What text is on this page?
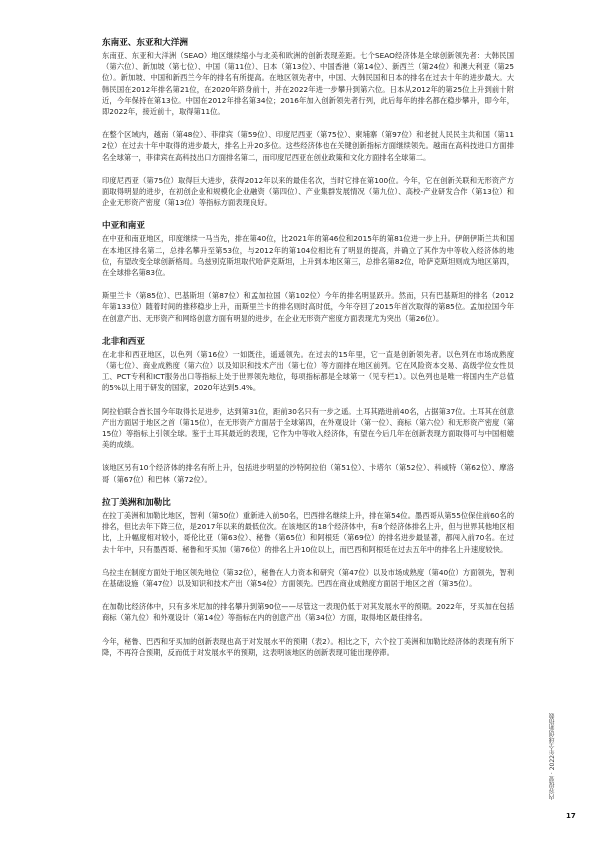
东南亚、东亚和大洋洲

东南亚、东亚和大洋洲（SEAO）地区继续缩小与北美和欧洲的创新表现差距。七个SEAO经济体是全球创新领先者：大韩民国（第六位）、新加坡（第七位）、中国（第11位）、日本（第13位）、中国香港（第14位）、新西兰（第24位）和澳大利亚（第25位）。新加坡、中国和新西兰今年的排名有所提高。在地区领先者中，中国、大韩民国和日本的排名在过去十年的进步最大。大韩民国在2012年排名第21位，在2020年跻身前十，并在2022年进一步攀升到第六位。日本从2012年的第25位上升到前十附近，今年保持在第13位。中国在2012年排名第34位；2016年加入创新领先者行列，此后每年的排名都在稳步攀升，即今年，即2022年，接近前十，取得第11位。

在整个区域内，越南（第48位）、菲律宾（第59位）、印度尼西亚（第75位）、柬埔寨（第97位）和老挝人民民主共和国（第112位）在过去十年中取得的进步最大，排名上升20多位。这些经济体也在关键创新指标方面继续领先。越南在高科技进口方面排名全球第一，菲律宾在高科技出口方面排名第二，而印度尼西亚在创业政策和文化方面排名全球第二。

印度尼西亚（第75位）取得巨大进步，获得2012年以来的最佳名次，当时它排在第100位。今年，它在创新关联和无形资产方面取得明显的进步，在初创企业和规模化企业融资（第四位）、产业集群发展情况（第九位）、高校-产业研发合作（第13位）和企业无形资产密度（第13位）等指标方面表现良好。

中亚和南亚

在中亚和南亚地区，印度继续一马当先，排在第40位，比2021年的第46位和2015年的第81位进一步上升。伊朗伊斯兰共和国在本地区排名第二，总排名攀升至第53位，与2012年的第104位相比有了明显的提高，并确立了其作为中等收入经济体的地位，有望改变全球创新格局。乌兹别克斯坦取代哈萨克斯坦，上升到本地区第三，总排名第82位，哈萨克斯坦则成为地区第四，在全球排名第83位。

斯里兰卡（第85位）、巴基斯坦（第87位）和孟加拉国（第102位）今年的排名明显跃升。然而，只有巴基斯坦的排名（2012年第133位）随着时间的推移稳步上升，而斯里兰卡的排名则时高时低，今年夺回了2015年首次取得的第85位。孟加拉国今年在创意产出、无形资产和网络创意方面有明显的进步，在企业无形资产密度方面表现尤为突出（第26位）。

北非和西亚

在北非和西亚地区，以色列（第16位）一如既往，遥遥领先。在过去的15年里，它一直是创新领先者。以色列在市场成熟度（第七位）、商业成熟度（第六位）以及知识和技术产出（第七位）等方面排在地区前列。它在风险资本交易、高级学位女性员工、PCT专利和ICT服务出口等指标上处于世界领先地位，每项指标都是全球第一（见专栏1）。以色列也是唯一将国内生产总值的5%以上用于研发的国家，2020年达到5.4%。

阿拉伯联合酋长国今年取得长足进步，达到第31位，距前30名只有一步之遥。土耳其踏进前40名，占据第37位。土耳其在创意产出方面居于地区之首（第15位），在无形资产方面居于全球第四，在外观设计（第一位）、商标（第六位）和无形资产密度（第15位）等指标上引领全球。鉴于土耳其最近的表现，它作为中等收入经济体，有望在今后几年在创新表现方面取得可与中国相媲美的成绩。

该地区另有10个经济体的排名有所上升，包括进步明显的沙特阿拉伯（第51位）、卡塔尔（第52位）、科威特（第62位）、摩洛哥（第67位）和巴林（第72位）。

拉丁美洲和加勒比

在拉丁美洲和加勒比地区，智利（第50位）重新进入前50名，巴西排名继续上升，排在第54位。墨西哥从第55位保住前60名的排名，但比去年下降三位，是2017年以来的最低位次。在该地区的18个经济体中，有8个经济体排名上升，但与世界其他地区相比，上升幅度相对较小，哥伦比亚（第63位）、秘鲁（第65位）和阿根廷（第69位）的排名进步最显著，都闯入前70名。在过去十年中，只有墨西哥、秘鲁和牙买加（第76位）的排名上升10位以上，而巴西和阿根廷在过去五年中的排名上升速度较快。

乌拉圭在制度方面处于地区领先地位（第32位），秘鲁在人力资本和研究（第47位）以及市场成熟度（第40位）方面领先，智利在基础设施（第47位）以及知识和技术产出（第54位）方面领先。巴西在商业成熟度方面居于地区之首（第35位）。

在加勒比经济体中，只有多米尼加的排名攀升到第90位——尽管这一表现仍低于对其发展水平的预期。2022年，牙买加在包括商标（第九位）和外观设计（第14位）等指标在内的创意产出（第34位）方面，取得地区最佳排名。

今年，秘鲁、巴西和牙买加的创新表现也高于对发展水平的预期（表2）。相比之下，六个拉丁美洲和加勒比经济体的表现有所下降，不再符合预期，反而低于对发展水平的预期，这表明该地区的创新表现可能出现停滞。

内容提要 · 2022年全球创新指数
17
